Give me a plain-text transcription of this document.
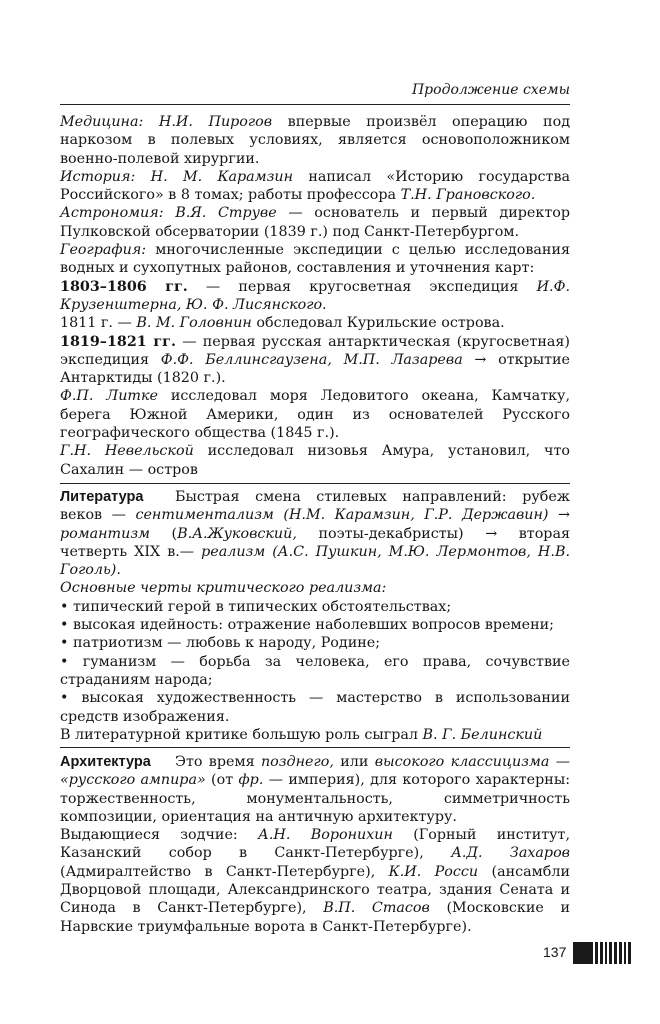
Продолжение схемы

Медицина: Н.И. Пирогов впервые произвёл операцию под наркозом в полевых условиях, является основоположником военно-полевой хирургии.

История: Н. М. Карамзин написал «Историю государства Российского» в 8 томах; работы профессора Т.Н. Грановского.

Астрономия: В.Я. Струве — основатель и первый директор Пулковской обсерватории (1839 г.) под Санкт-Петербургом.

География: многочисленные экспедиции с целью исследования водных и сухопутных районов, составления и уточнения карт:

1803–1806 гг. — первая кругосветная экспедиция И.Ф. Крузенштерна, Ю. Ф. Лисянского.

1811 г. — В. М. Головнин обследовал Курильские острова.

1819–1821 гг. — первая русская антарктическая (кругосветная) экспедиция Ф.Ф. Беллинсгаузена, М.П. Лазарева → открытие Антарктиды (1820 г.).

Ф.П. Литке исследовал моря Ледовитого океана, Камчатку, берега Южной Америки, один из основателей Русского географического общества (1845 г.).

Г.Н. Невельской исследовал низовья Амура, установил, что Сахалин — остров

Литература	Быстрая смена стилевых направлений: рубеж веков — сентиментализм (Н.М. Карамзин, Г.Р. Державин) → романтизм (В.А.Жуковский, поэты-декабристы) → вторая четверть XIX в.— реализм (А.С. Пушкин, М.Ю. Лермонтов, Н.В. Гоголь).

Основные черты критического реализма:

• типический герой в типических обстоятельствах;

• высокая идейность: отражение наболевших вопросов времени;

• патриотизм — любовь к народу, Родине;

• гуманизм — борьба за человека, его права, сочувствие страданиям народа;

• высокая художественность — мастерство в использовании средств изображения.

В литературной критике большую роль сыграл В. Г. Белинский

Архитектура	Это время позднего, или высокого классицизма — «русского ампира» (от фр. — империя), для которого характерны: торжественность, монументальность, симметричность композиции, ориентация на античную архитектуру.

Выдающиеся зодчие: А.Н. Воронихин (Горный институт, Казанский собор в Санкт-Петербурге), А.Д. Захаров (Адмиралтейство в Санкт-Петербурге), К.И. Росси (ансамбли Дворцовой площади, Александринского театра, здания Сената и Синода в Санкт-Петербурге), В.П. Стасов (Московские и Нарвские триумфальные ворота в Санкт-Петербурге).

137
